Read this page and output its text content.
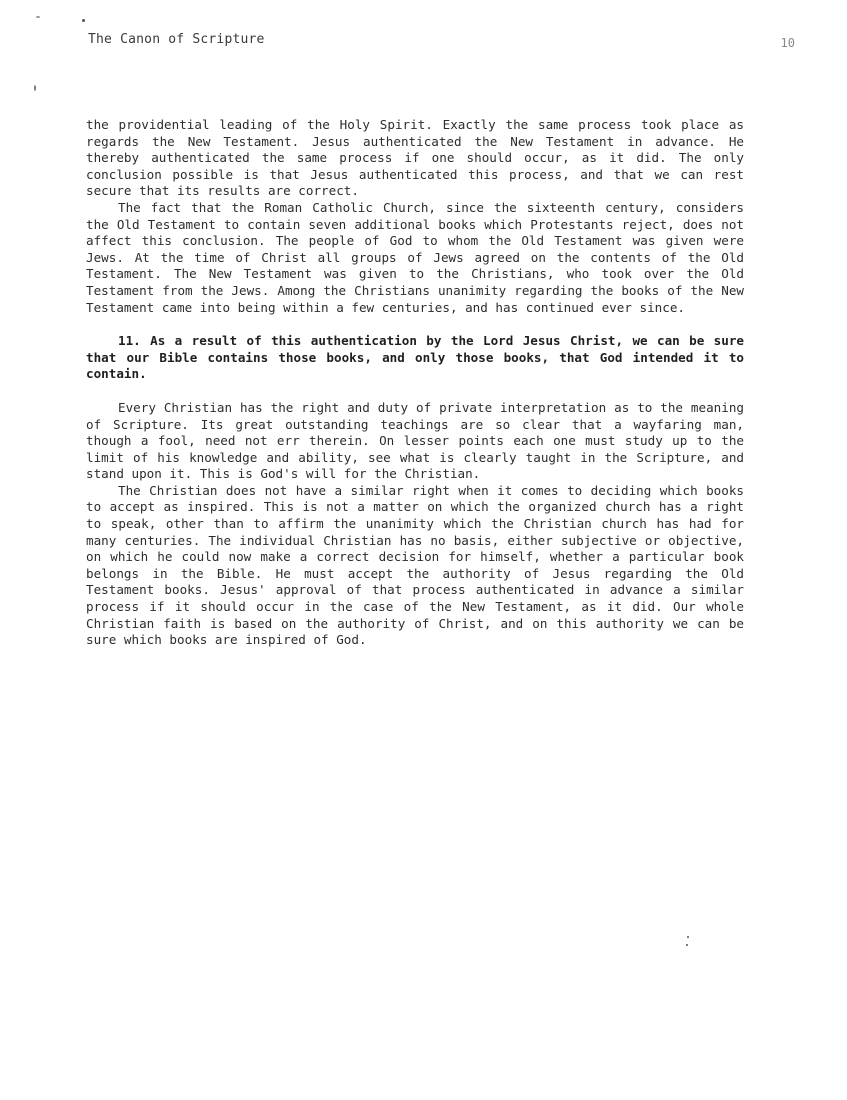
The Canon of Scripture	10

the providential leading of the Holy Spirit. Exactly the same process took place as regards the New Testament. Jesus authenticated the New Testament in advance. He thereby authenticated the same process if one should occur, as it did. The only conclusion possible is that Jesus authenticated this process, and that we can rest secure that its results are correct.

The fact that the Roman Catholic Church, since the sixteenth century, considers the Old Testament to contain seven additional books which Protestants reject, does not affect this conclusion. The people of God to whom the Old Testament was given were Jews. At the time of Christ all groups of Jews agreed on the contents of the Old Testament. The New Testament was given to the Christians, who took over the Old Testament from the Jews. Among the Christians unanimity regarding the books of the New Testament came into being within a few centuries, and has continued ever since.

11. As a result of this authentication by the Lord Jesus Christ, we can be sure that our Bible contains those books, and only those books, that God intended it to contain.

Every Christian has the right and duty of private interpretation as to the meaning of Scripture. Its great outstanding teachings are so clear that a wayfaring man, though a fool, need not err therein. On lesser points each one must study up to the limit of his knowledge and ability, see what is clearly taught in the Scripture, and stand upon it. This is God's will for the Christian.

The Christian does not have a similar right when it comes to deciding which books to accept as inspired. This is not a matter on which the organized church has a right to speak, other than to affirm the unanimity which the Christian church has had for many centuries. The individual Christian has no basis, either subjective or objective, on which he could now make a correct decision for himself, whether a particular book belongs in the Bible. He must accept the authority of Jesus regarding the Old Testament books. Jesus' approval of that process authenticated in advance a similar process if it should occur in the case of the New Testament, as it did. Our whole Christian faith is based on the authority of Christ, and on this authority we can be sure which books are inspired of God.
